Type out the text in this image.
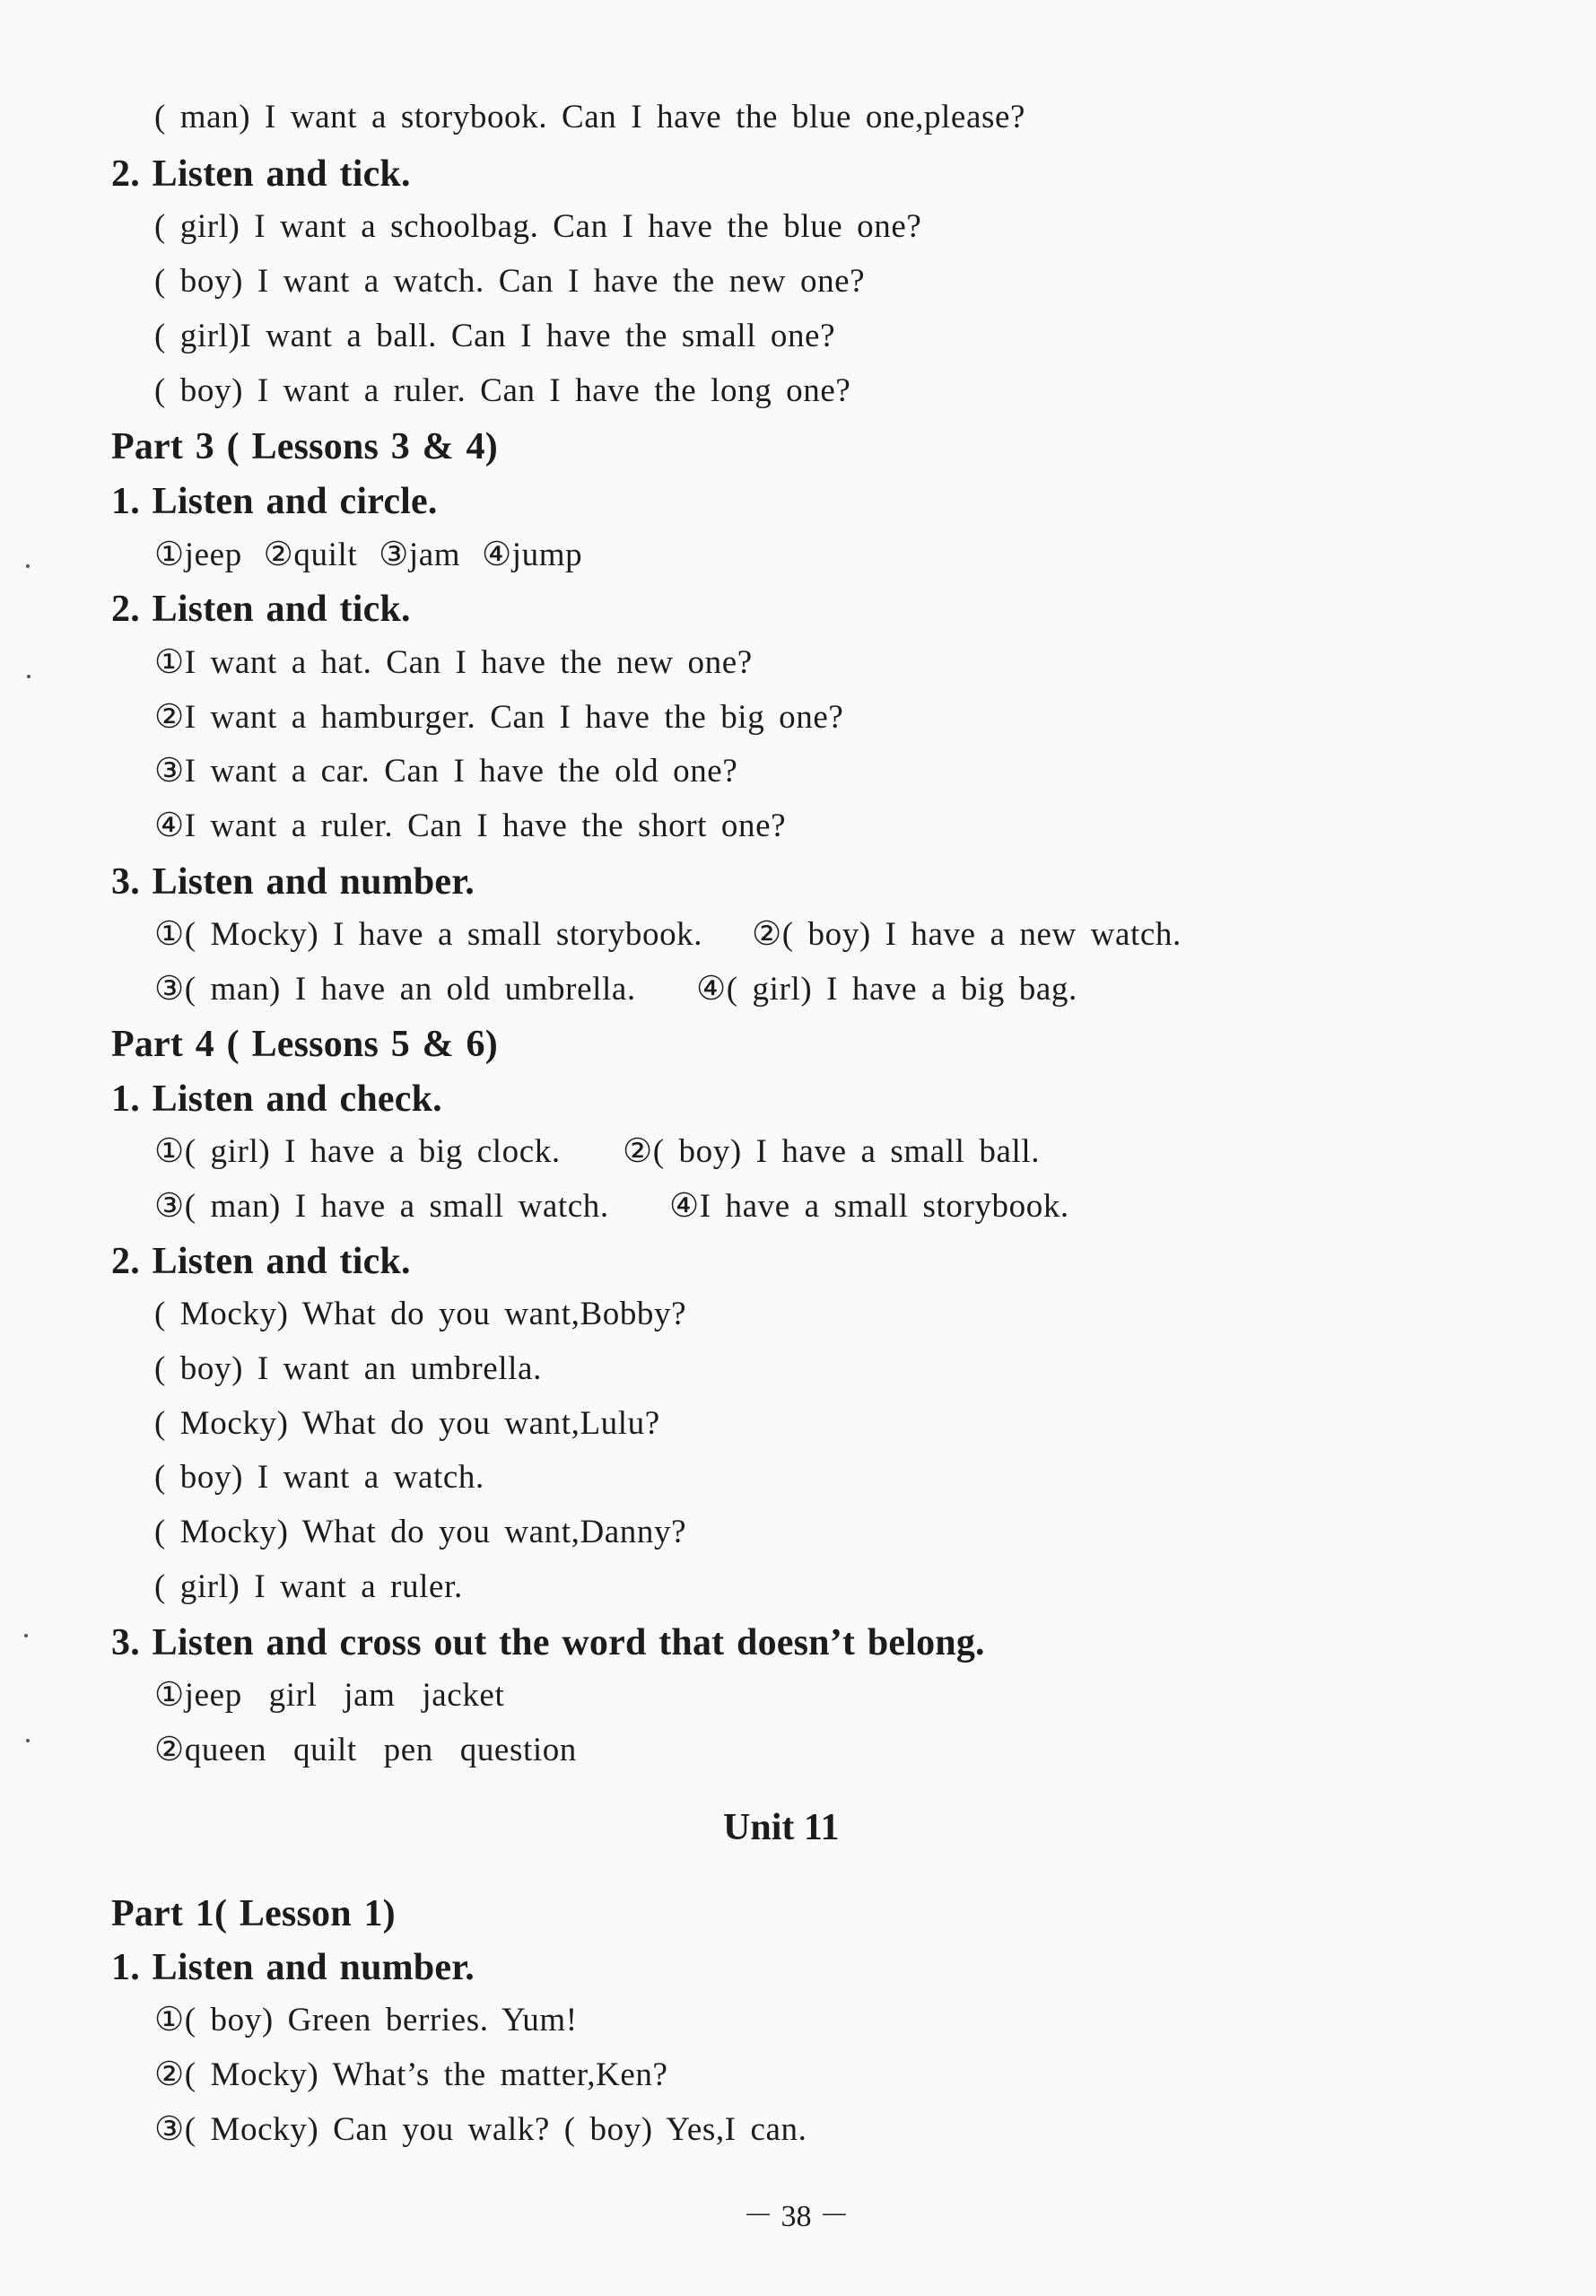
( man) I want a storybook. Can I have the blue one,please?
2. Listen and tick.
( girl) I want a schoolbag. Can I have the blue one?
( boy) I want a watch. Can I have the new one?
( girl)I want a ball. Can I have the small one?
( boy) I want a ruler. Can I have the long one?
Part 3 ( Lessons 3 & 4)
1. Listen and circle.
①jeep ②quilt ③jam ④jump
2. Listen and tick.
①I want a hat. Can I have the new one?
②I want a hamburger. Can I have the big one?
③I want a car. Can I have the old one?
④I want a ruler. Can I have the short one?
3. Listen and number.
①( Mocky) I have a small storybook. ②( boy) I have a new watch.
③( man) I have an old umbrella. ④( girl) I have a big bag.
Part 4 ( Lessons 5 & 6)
1. Listen and check.
①( girl) I have a big clock. ②( boy) I have a small ball.
③( man) I have a small watch. ④I have a small storybook.
2. Listen and tick.
( Mocky) What do you want,Bobby?
( boy) I want an umbrella.
( Mocky) What do you want,Lulu?
( boy) I want a watch.
( Mocky) What do you want,Danny?
( girl) I want a ruler.
3. Listen and cross out the word that doesn’t belong.
①jeep girl jam jacket
②queen quilt pen question
Unit 11
Part 1( Lesson 1)
1. Listen and number.
①( boy) Green berries. Yum!
②( Mocky) What’s the matter,Ken?
③( Mocky) Can you walk? ( boy) Yes,I can.
－ 38 －
